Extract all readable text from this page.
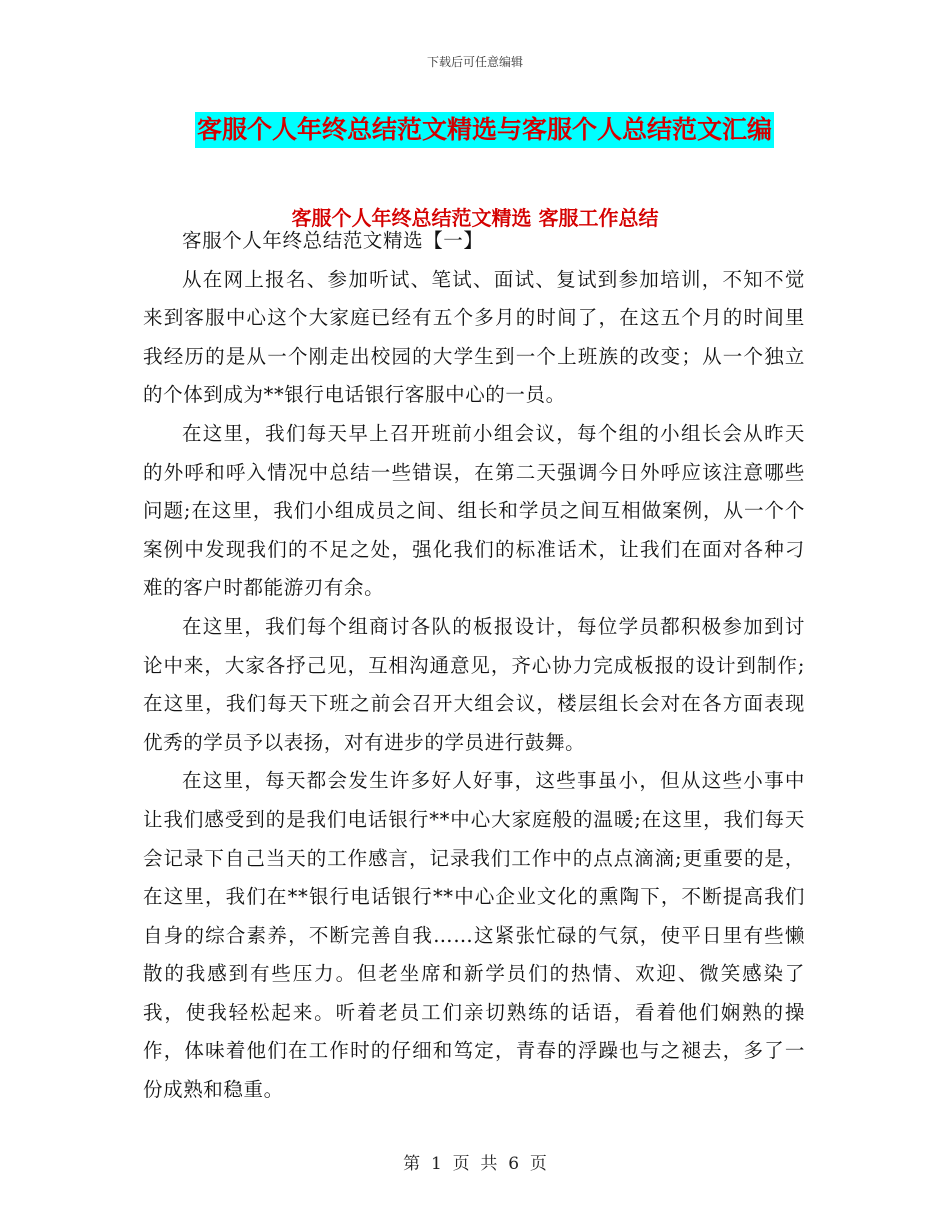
下载后可任意编辑
客服个人年终总结范文精选与客服个人总结范文汇编
客服个人年终总结范文精选 客服工作总结

客服个人年终总结范文精选【一】

从在网上报名、参加听试、笔试、面试、复试到参加培训，不知不觉来到客服中心这个大家庭已经有五个多月的时间了，在这五个月的时间里我经历的是从一个刚走出校园的大学生到一个上班族的改变；从一个独立的个体到成为**银行电话银行客服中心的一员。

在这里，我们每天早上召开班前小组会议，每个组的小组长会从昨天的外呼和呼入情况中总结一些错误，在第二天强调今日外呼应该注意哪些问题;在这里，我们小组成员之间、组长和学员之间互相做案例，从一个个案例中发现我们的不足之处，强化我们的标准话术，让我们在面对各种刁难的客户时都能游刃有余。

在这里，我们每个组商讨各队的板报设计，每位学员都积极参加到讨论中来，大家各抒己见，互相沟通意见，齐心协力完成板报的设计到制作;在这里，我们每天下班之前会召开大组会议，楼层组长会对在各方面表现优秀的学员予以表扬，对有进步的学员进行鼓舞。

在这里，每天都会发生许多好人好事，这些事虽小，但从这些小事中让我们感受到的是我们电话银行**中心大家庭般的温暖;在这里，我们每天会记录下自己当天的工作感言，记录我们工作中的点点滴滴;更重要的是，在这里，我们在**银行电话银行**中心企业文化的熏陶下，不断提高我们自身的综合素养，不断完善自我……这紧张忙碌的气氛，使平日里有些懒散的我感到有些压力。但老坐席和新学员们的热情、欢迎、微笑感染了我，使我轻松起来。听着老员工们亲切熟练的话语，看着他们娴熟的操作，体味着他们在工作时的仔细和笃定，青春的浮躁也与之褪去，多了一份成熟和稳重。

第  1  页  共  6  页
